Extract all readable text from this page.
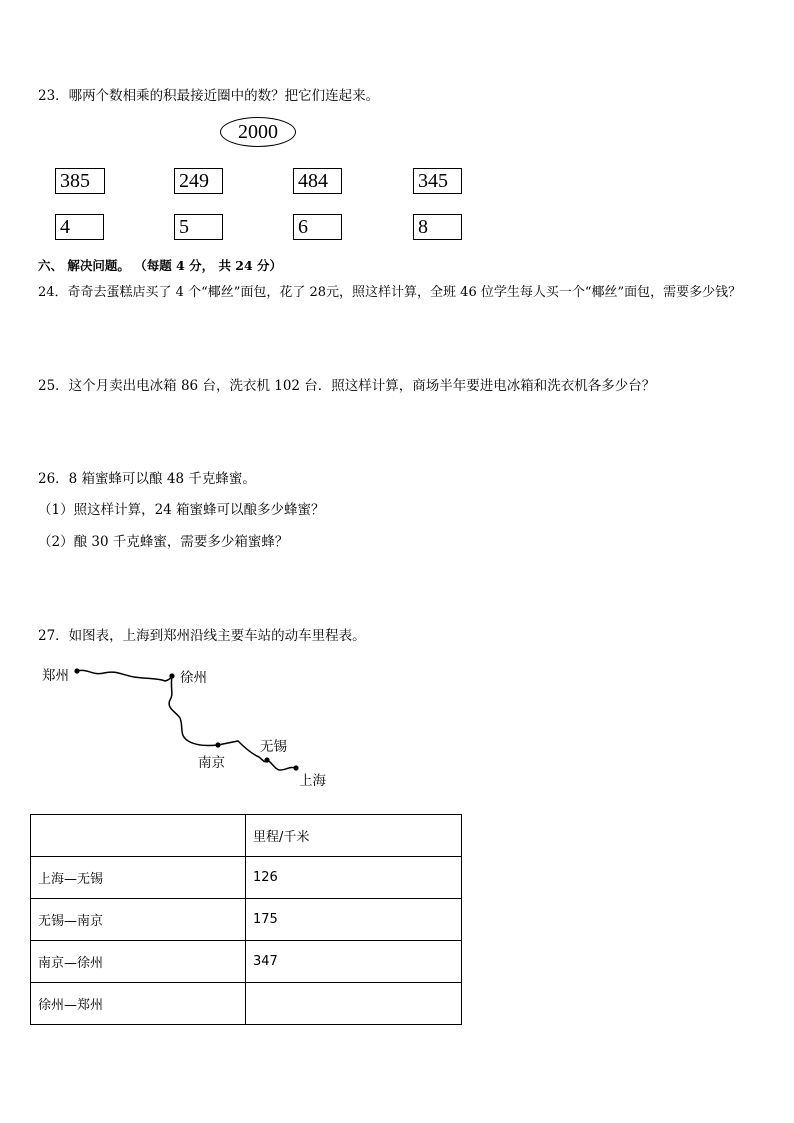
23．哪两个数相乘的积最接近圈中的数？把它们连起来。
2000
385	249	484	345
4	5	6	8
六、 解决问题。 （每题 4 分， 共 24 分）
24．奇奇去蛋糕店买了 4 个“椰丝”面包，花了 28元，照这样计算，全班 46 位学生每人买一个“椰丝”面包，需要多少钱？
25．这个月卖出电冰箱 86 台，洗衣机 102 台．照这样计算，商场半年要进电冰箱和洗衣机各多少台？
26．8 箱蜜蜂可以酿 48 千克蜂蜜。
（1）照这样计算，24 箱蜜蜂可以酿多少蜂蜜？
（2）酿 30 千克蜂蜜，需要多少箱蜜蜂？
27．如图表，上海到郑州沿线主要车站的动车里程表。
郑州	徐州
无锡
南京
上海
	里程/千米
上海—无锡	126
无锡—南京	175
南京—徐州	347
徐州—郑州	
